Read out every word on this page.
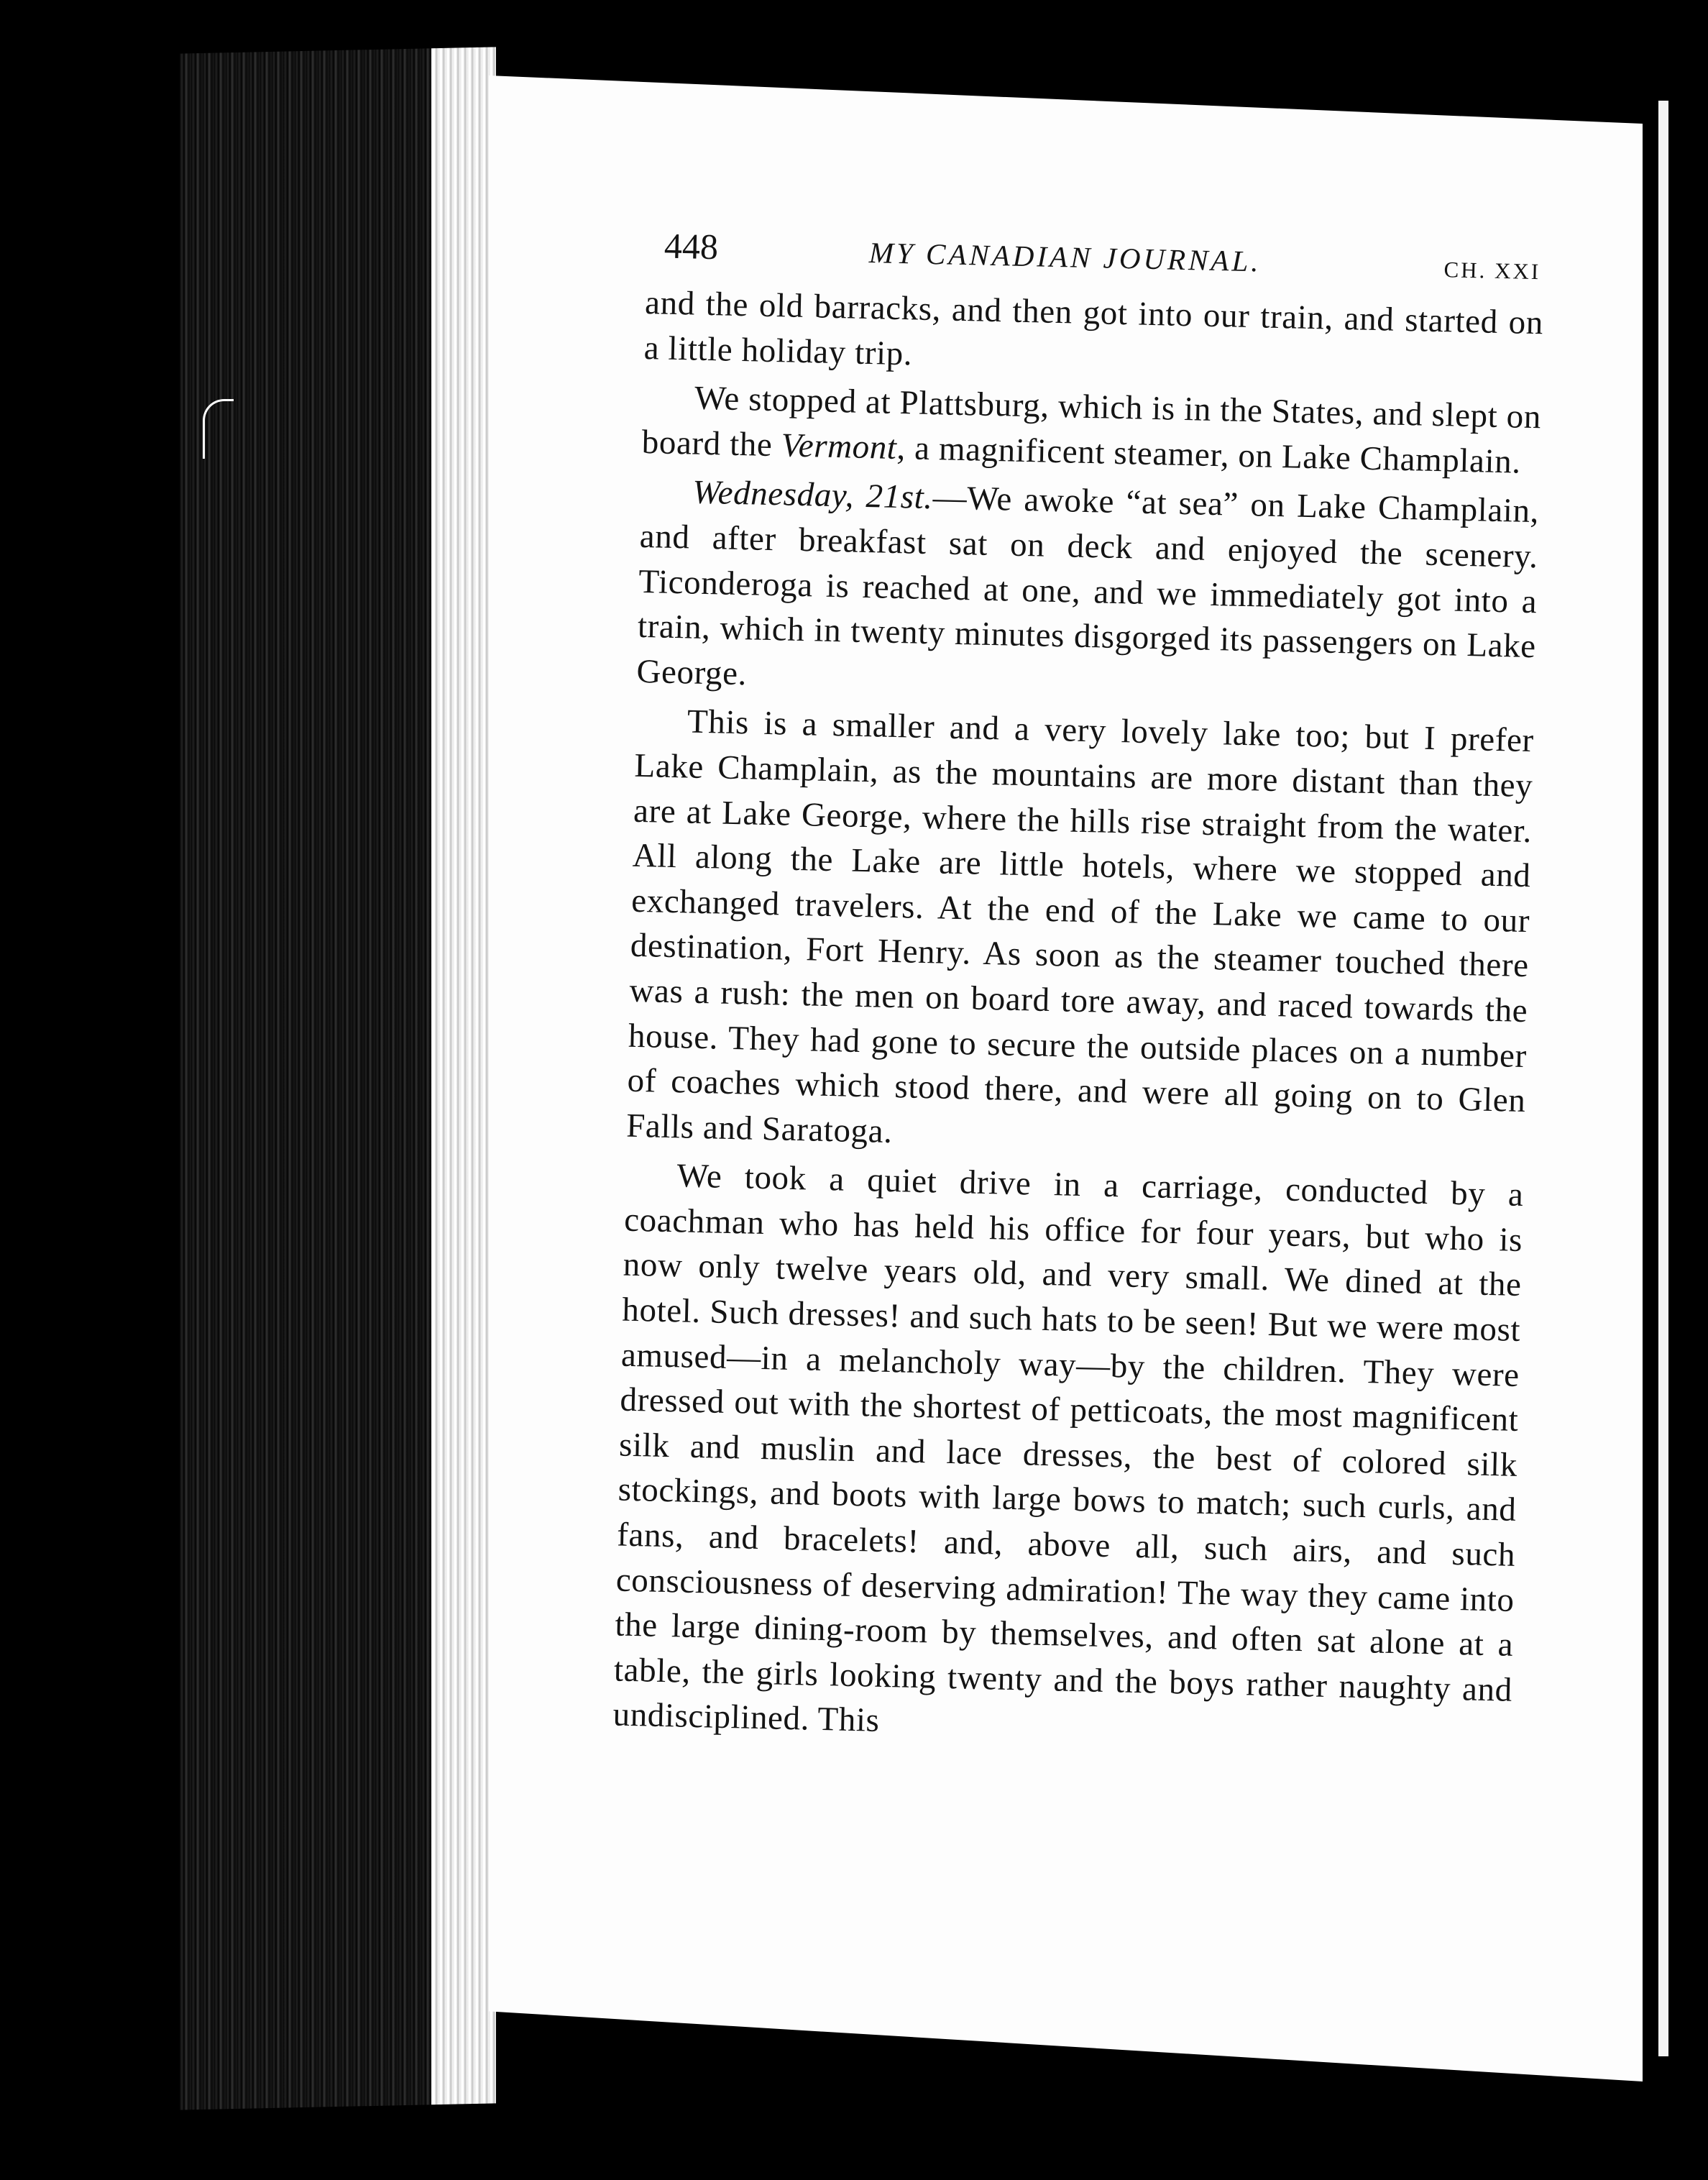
448	MY CANADIAN JOURNAL.	CH. XXI

and the old barracks, and then got into our train, and started on a little holiday trip.

We stopped at Plattsburg, which is in the States, and slept on board the Vermont, a magnificent steamer, on Lake Champlain.

Wednesday, 21st.—We awoke “at sea” on Lake Champlain, and after breakfast sat on deck and enjoyed the scenery. Ticonderoga is reached at one, and we immediately got into a train, which in twenty minutes disgorged its passengers on Lake George.

This is a smaller and a very lovely lake too; but I prefer Lake Champlain, as the mountains are more distant than they are at Lake George, where the hills rise straight from the water. All along the Lake are little hotels, where we stopped and exchanged travelers. At the end of the Lake we came to our destination, Fort Henry. As soon as the steamer touched there was a rush: the men on board tore away, and raced towards the house. They had gone to secure the outside places on a number of coaches which stood there, and were all going on to Glen Falls and Saratoga.

We took a quiet drive in a carriage, conducted by a coachman who has held his office for four years, but who is now only twelve years old, and very small. We dined at the hotel. Such dresses! and such hats to be seen! But we were most amused—in a melancholy way—by the children. They were dressed out with the shortest of petticoats, the most magnificent silk and muslin and lace dresses, the best of colored silk stockings, and boots with large bows to match; such curls, and fans, and bracelets! and, above all, such airs, and such consciousness of deserving admiration! The way they came into the large dining-room by themselves, and often sat alone at a table, the girls looking twenty and the boys rather naughty and undisciplined. This
